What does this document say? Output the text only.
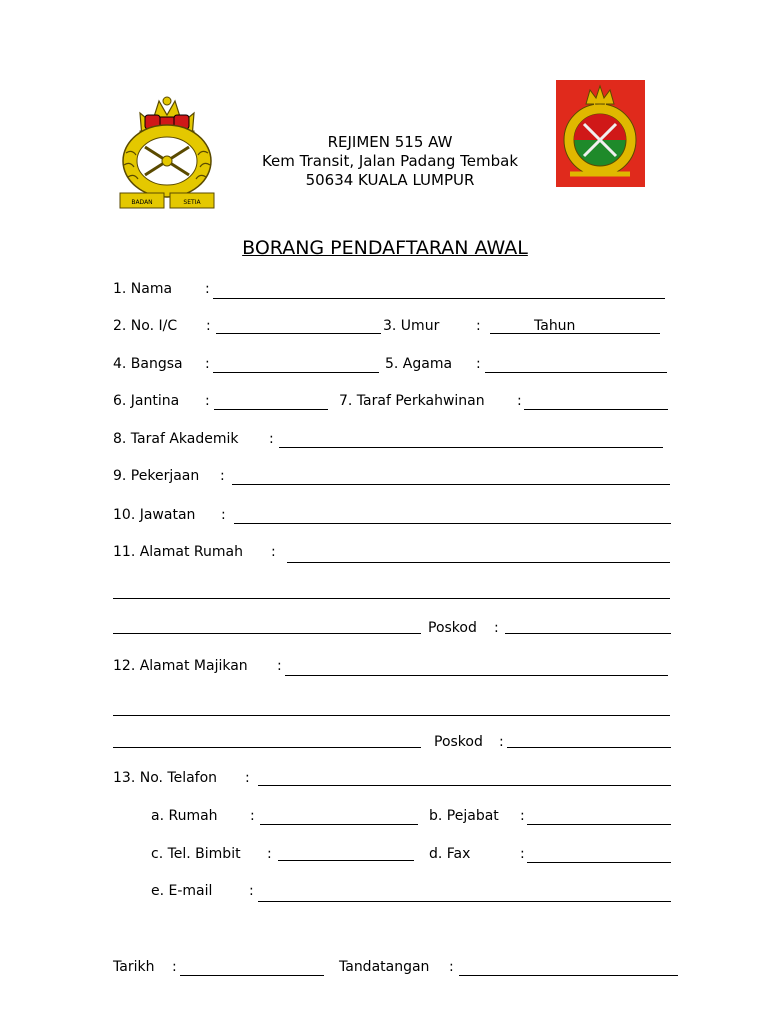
BADAN	SETIA
REJIMEN 515 AW
Kem Transit, Jalan Padang Tembak
50634 KUALA LUMPUR
BORANG PENDAFTARAN AWAL
1. Nama :
2. No. I/C :	3. Umur	:	Tahun
4. Bangsa :	5. Agama :
6. Jantina :	7. Taraf Perkahwinan :
8. Taraf Akademik :
9. Pekerjaan :
10. Jawatan :
11. Alamat Rumah :
Poskod :
12. Alamat Majikan :
Poskod :
13. No. Telafon :
a. Rumah :	b. Pejabat :
c. Tel. Bimbit :	d. Fax	:
e. E-mail	:
Tarikh :	Tandatangan :
